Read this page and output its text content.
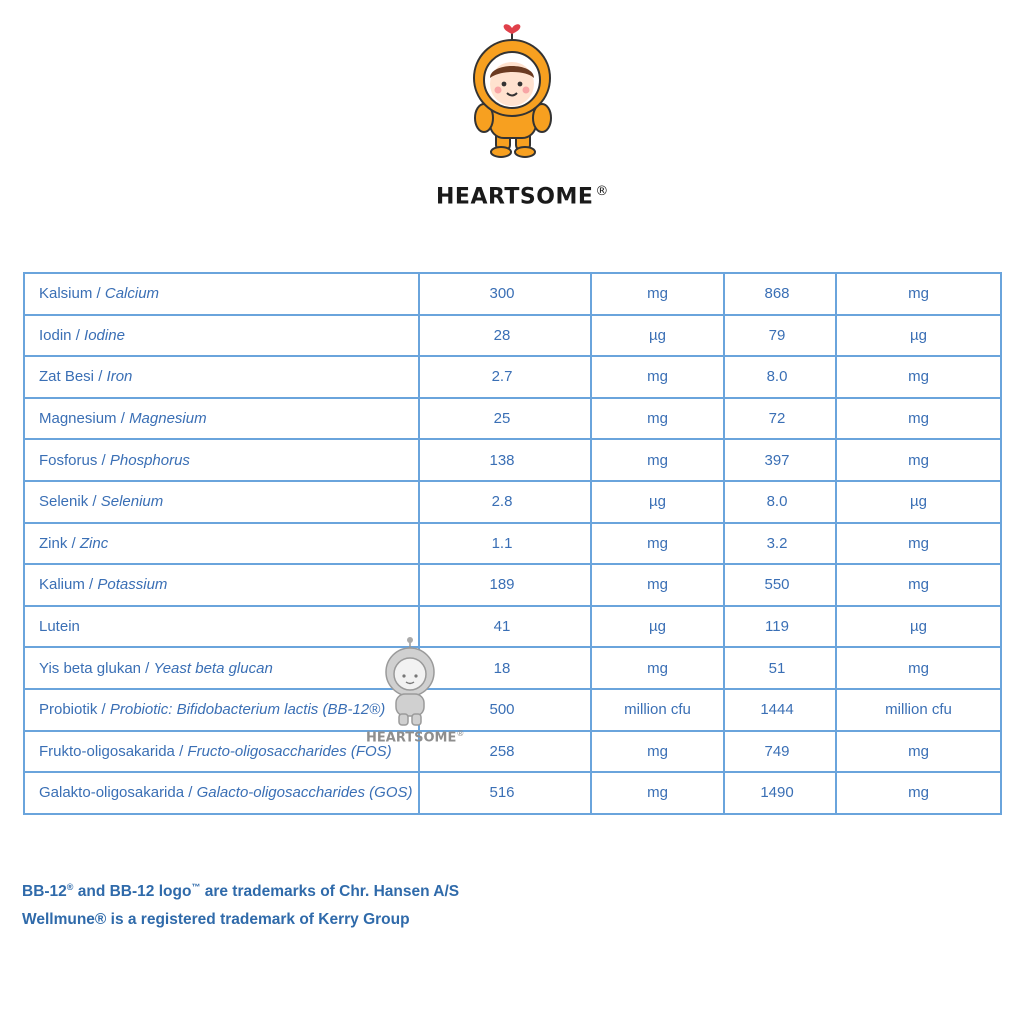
HEARTSOME ®
Kalsium / Calcium	300	mg	868	mg
Iodin / Iodine	28	µg	79	µg
Zat Besi / Iron	2.7	mg	8.0	mg
Magnesium / Magnesium	25	mg	72	mg
Fosforus / Phosphorus	138	mg	397	mg
Selenik / Selenium	2.8	µg	8.0	µg
Zink / Zinc	1.1	mg	3.2	mg
Kalium / Potassium	189	mg	550	mg
Lutein	41	µg	119	µg
Yis beta glukan / Yeast beta glucan	18	mg	51	mg
Probiotik / Probiotic: Bifidobacterium lactis (BB-12®)	500	million cfu	1444	million cfu
Frukto-oligosakarida / Fructo-oligosaccharides (FOS)	258	mg	749	mg
Galakto-oligosakarida / Galacto-oligosaccharides (GOS)	516	mg	1490	mg
HEARTSOME®
BB-12® and BB-12 logo™ are trademarks of Chr. Hansen A/S
Wellmune® is a registered trademark of Kerry Group
